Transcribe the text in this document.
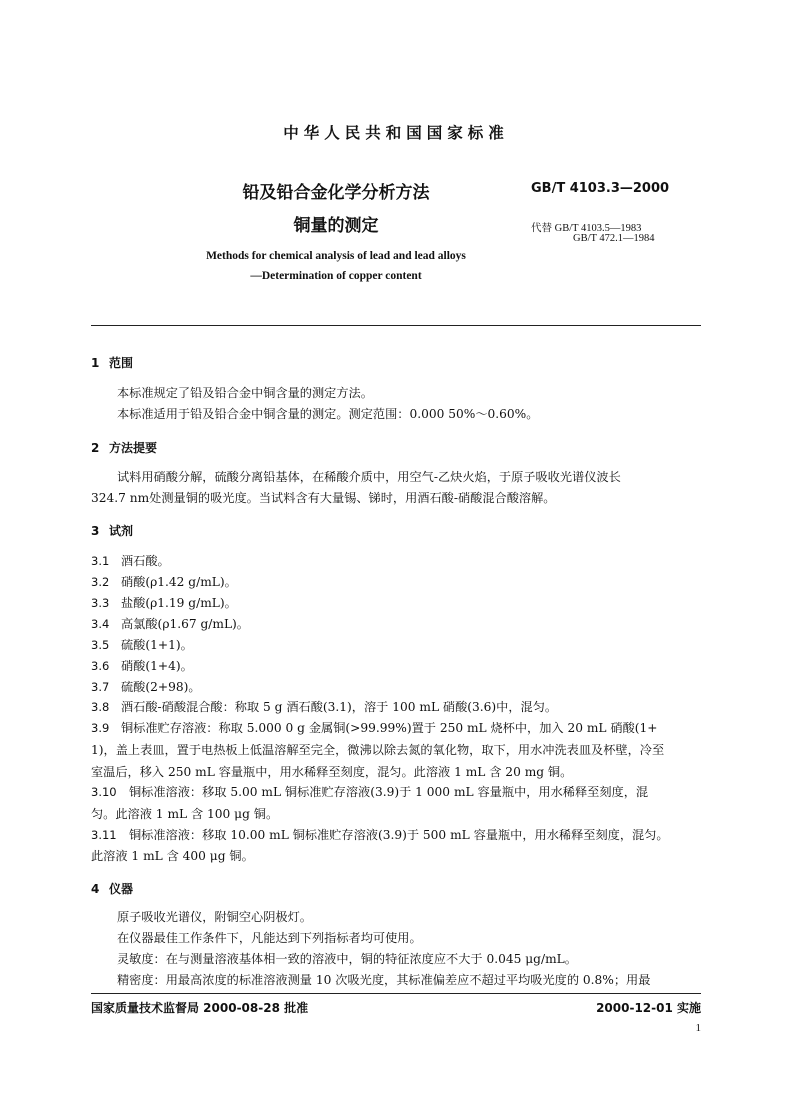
中华人民共和国国家标准
铅及铅合金化学分析方法
铜量的测定
GB/T 4103.3—2000
代替 GB/T 4103.5—1983
GB/T 472.1—1984
Methods for chemical analysis of lead and lead alloys
—Determination of copper content
1 范围
本标准规定了铅及铅合金中铜含量的测定方法。
本标准适用于铅及铅合金中铜含量的测定。测定范围：0.000 50%～0.60%。
2 方法提要
试料用硝酸分解，硫酸分离铅基体，在稀酸介质中，用空气-乙炔火焰，于原子吸收光谱仪波长
324.7 nm处测量铜的吸光度。当试料含有大量锡、锑时，用酒石酸-硝酸混合酸溶解。
3 试剂
3.1 酒石酸。
3.2 硝酸(ρ1.42 g/mL)。
3.3 盐酸(ρ1.19 g/mL)。
3.4 高氯酸(ρ1.67 g/mL)。
3.5 硫酸(1+1)。
3.6 硝酸(1+4)。
3.7 硫酸(2+98)。
3.8 酒石酸-硝酸混合酸：称取 5 g 酒石酸(3.1)，溶于 100 mL 硝酸(3.6)中，混匀。
3.9 铜标准贮存溶液：称取 5.000 0 g 金属铜(>99.99%)置于 250 mL 烧杯中，加入 20 mL 硝酸(1+
1)，盖上表皿，置于电热板上低温溶解至完全，微沸以除去氮的氧化物，取下，用水冲洗表皿及杯壁，冷至
室温后，移入 250 mL 容量瓶中，用水稀释至刻度，混匀。此溶液 1 mL 含 20 mg 铜。
3.10 铜标准溶液：移取 5.00 mL 铜标准贮存溶液(3.9)于 1 000 mL 容量瓶中，用水稀释至刻度，混
匀。此溶液 1 mL 含 100 μg 铜。
3.11 铜标准溶液：移取 10.00 mL 铜标准贮存溶液(3.9)于 500 mL 容量瓶中，用水稀释至刻度，混匀。
此溶液 1 mL 含 400 μg 铜。
4 仪器
原子吸收光谱仪，附铜空心阴极灯。
在仪器最佳工作条件下，凡能达到下列指标者均可使用。
灵敏度：在与测量溶液基体相一致的溶液中，铜的特征浓度应不大于 0.045 μg/mL。
精密度：用最高浓度的标准溶液测量 10 次吸光度，其标准偏差应不超过平均吸光度的 0.8%；用最
国家质量技术监督局 2000-08-28 批准	2000-12-01 实施
1
